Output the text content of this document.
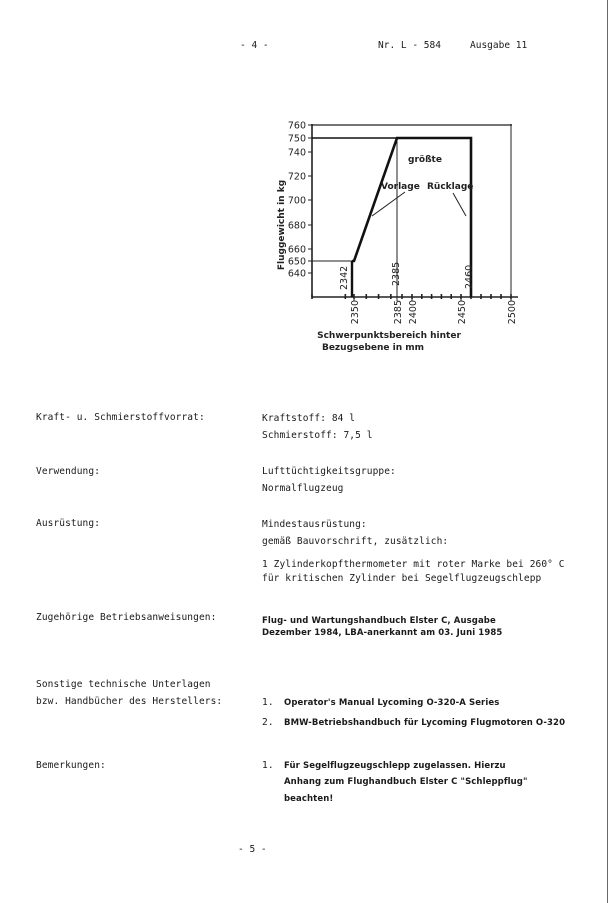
- 4 -	Nr. L - 584	Ausgabe 11
760
750
740
720
700
680
660
650
640
2350	2385 2400	2450	2500
2342	2385	2460
größte
Vorlage Rücklage
Fluggewicht in kg
Schwerpunktsbereich hinter
Bezugsebene in mm
Kraft- u. Schmierstoffvorrat:	Kraftstoff: 84 l
Schmierstoff: 7,5 l
Verwendung:	Lufttüchtigkeitsgruppe:
Normalflugzeug
Ausrüstung:	Mindestausrüstung:
gemäß Bauvorschrift, zusätzlich:
1 Zylinderkopfthermometer mit roter Marke bei 260° C
für kritischen Zylinder bei Segelflugzeugschlepp
Zugehörige Betriebsanweisungen:	Flug- und Wartungshandbuch Elster C, Ausgabe
Dezember 1984, LBA-anerkannt am 03. Juni 1985
Sonstige technische Unterlagen
bzw. Handbücher des Herstellers:	1. Operator's Manual Lycoming O-320-A Series
2. BMW-Betriebshandbuch für Lycoming Flugmotoren O-320
Bemerkungen:	1. Für Segelflugzeugschlepp zugelassen. Hierzu
Anhang zum Flughandbuch Elster C "Schleppflug"
beachten!
- 5 -
